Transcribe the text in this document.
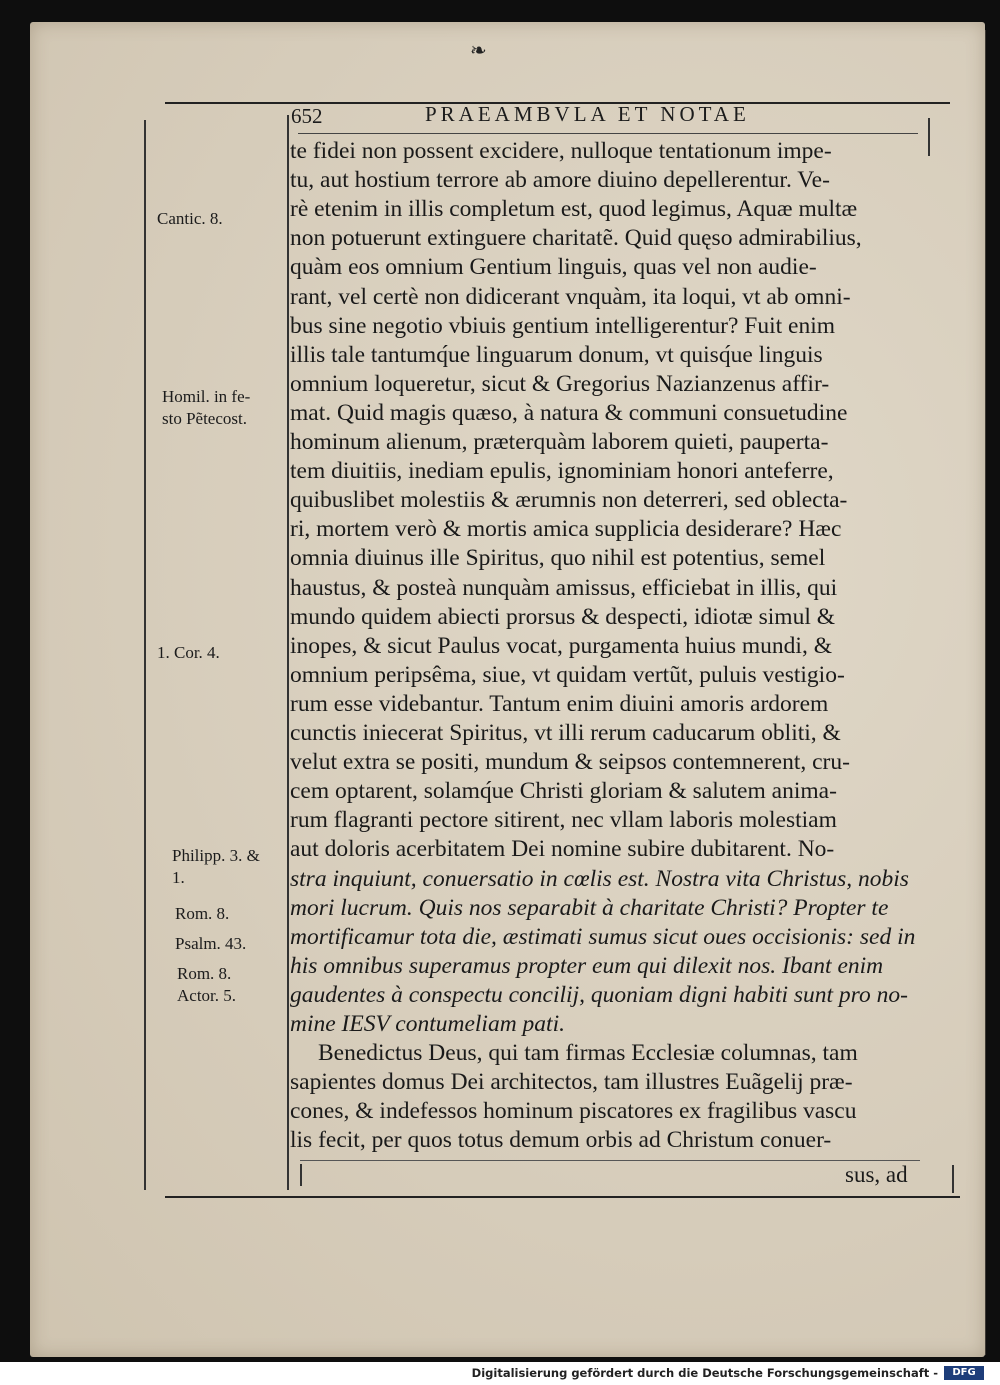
❧
652	PRAEAMBVLA ET NOTAE
te fidei non possent excidere, nulloque tentationum impe-
tu, aut hostium terrore ab amore diuino depellerentur. Ve-
rè etenim in illis completum est, quod legimus, Aquæ multæ
non potuerunt extinguere charitatẽ. Quid quęso admirabilius,
quàm eos omnium Gentium linguis, quas vel non audie-
rant, vel certè non didicerant vnquàm, ita loqui, vt ab omni-
bus sine negotio vbiuis gentium intelligerentur? Fuit enim
illis tale tantumq́ue linguarum donum, vt quisq́ue linguis
omnium loqueretur, sicut & Gregorius Nazianzenus affir-
mat. Quid magis quæso, à natura & communi consuetudine
hominum alienum, præterquàm laborem quieti, pauperta-
tem diuitiis, inediam epulis, ignominiam honori anteferre,
quibuslibet molestiis & ærumnis non deterreri, sed oblecta-
ri, mortem verò & mortis amica supplicia desiderare? Hæc
omnia diuinus ille Spiritus, quo nihil est potentius, semel
haustus, & posteà nunquàm amissus, efficiebat in illis, qui
mundo quidem abiecti prorsus & despecti, idiotæ simul &
inopes, & sicut Paulus vocat, purgamenta huius mundi, &
omnium peripsêma, siue, vt quidam vertũt, puluis vestigio-
rum esse videbantur. Tantum enim diuini amoris ardorem
cunctis iniecerat Spiritus, vt illi rerum caducarum obliti, &
velut extra se positi, mundum & seipsos contemnerent, cru-
cem optarent, solamq́ue Christi gloriam & salutem anima-
rum flagranti pectore sitirent, nec vllam laboris molestiam
aut doloris acerbitatem Dei nomine subire dubitarent. No-
stra inquiunt, conuersatio in cœlis est. Nostra vita Christus, nobis
mori lucrum. Quis nos separabit à charitate Christi? Propter te
mortificamur tota die, æstimati sumus sicut oues occisionis: sed in
his omnibus superamus propter eum qui dilexit nos. Ibant enim
gaudentes à conspectu concilij, quoniam digni habiti sunt pro no-
mine IESV contumeliam pati.
Benedictus Deus, qui tam firmas Ecclesiæ columnas, tam
sapientes domus Dei architectos, tam illustres Euãgelij præ-
cones, & indefessos hominum piscatores ex fragilibus vascu
lis fecit, per quos totus demum orbis ad Christum conuer-
Cantic. 8.
Homil. in fe-
sto Pẽtecost.
1. Cor. 4.
Philipp. 3. &
1.
Rom. 8.
Psalm. 43.
Rom. 8.
Actor. 5.
sus, ad
Digitalisierung gefördert durch die Deutsche Forschungsgemeinschaft -	DFG
